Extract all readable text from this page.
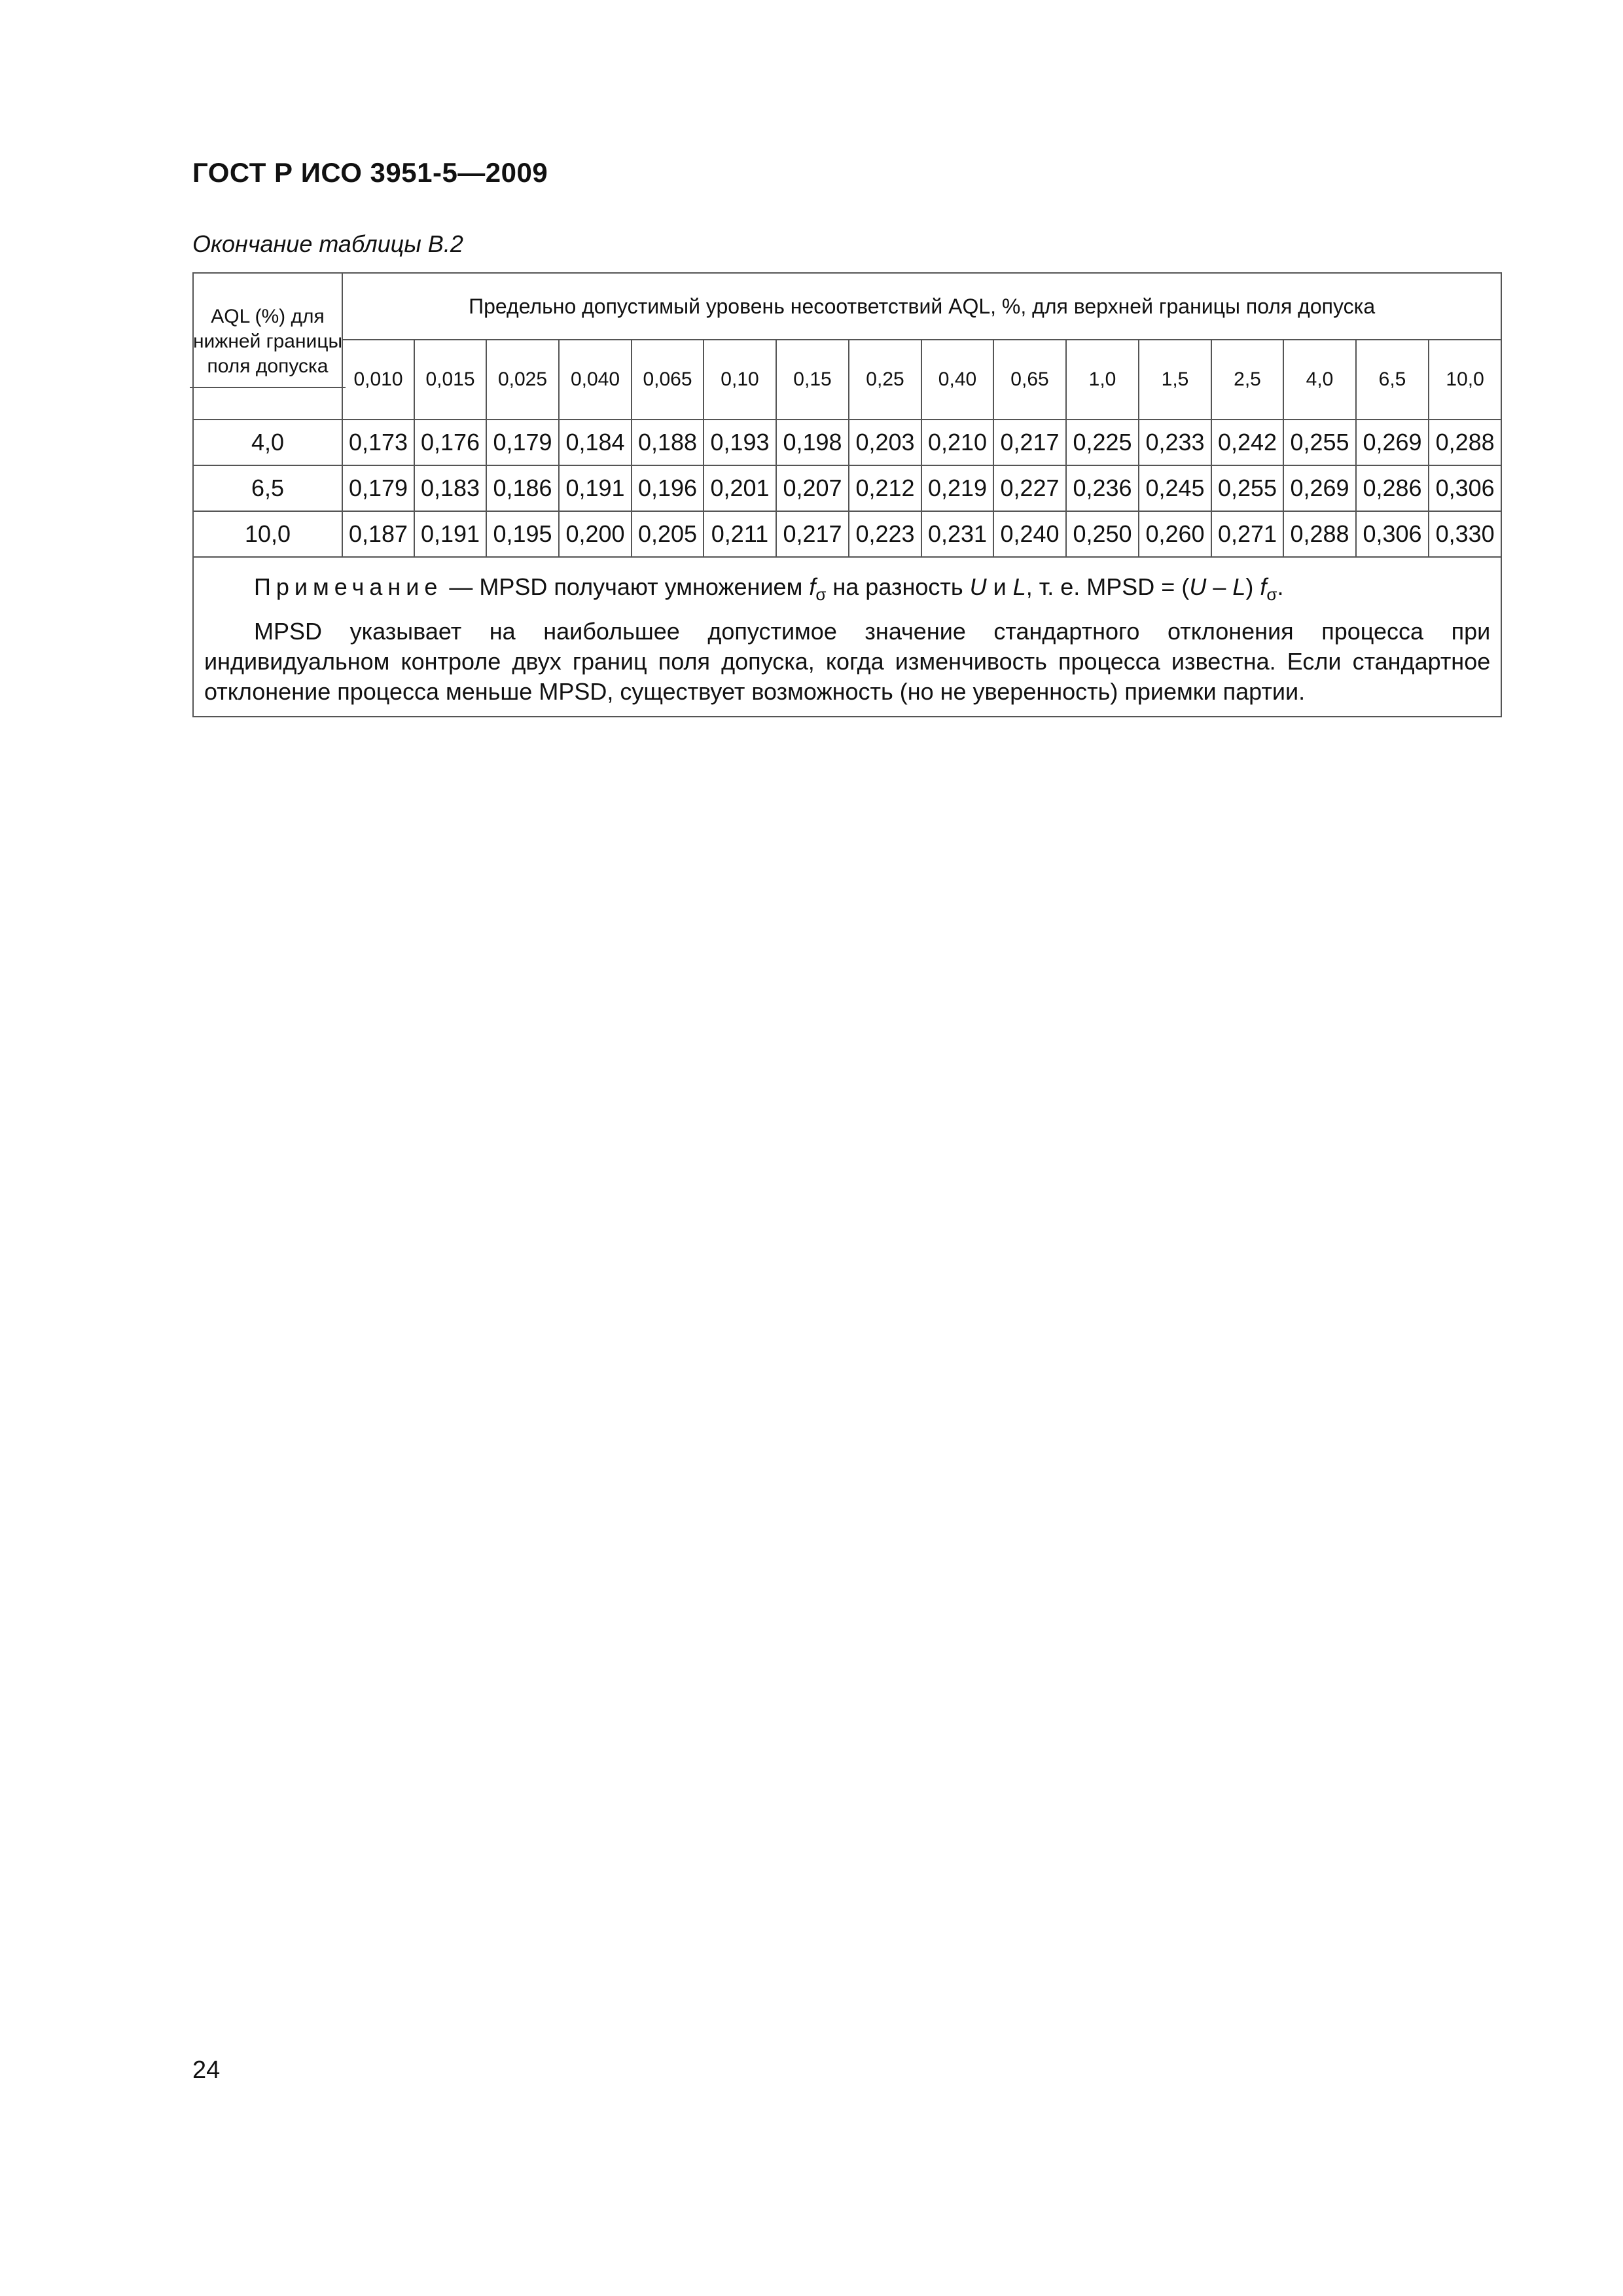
ГОСТ Р ИСО 3951-5—2009
Окончание таблицы В.2
AQL (%) для нижней границы поля допуска	Предельно допустимый уровень несоответствий AQL, %, для верхней границы поля допуска															
	0,010	0,015	0,025	0,040	0,065	0,10	0,15	0,25	0,40	0,65	1,0	1,5	2,5	4,0	6,5	10,0
4,0	0,173	0,176	0,179	0,184	0,188	0,193	0,198	0,203	0,210	0,217	0,225	0,233	0,242	0,255	0,269	0,288
6,5	0,179	0,183	0,186	0,191	0,196	0,201	0,207	0,212	0,219	0,227	0,236	0,245	0,255	0,269	0,286	0,306
10,0	0,187	0,191	0,195	0,200	0,205	0,211	0,217	0,223	0,231	0,240	0,250	0,260	0,271	0,288	0,306	0,330

Примечание — MPSD получают умножением $f_\sigma$ на разность U и L, т. е. MPSD = (U – L) $f_\sigma$.

MPSD указывает на наибольшее допустимое значение стандартного отклонения процесса при индивидуальном контроле двух границ поля допуска, когда изменчивость процесса известна. Если стандартное отклонение процесса меньше MPSD, существует возможность (но не уверенность) приемки партии.																

24
